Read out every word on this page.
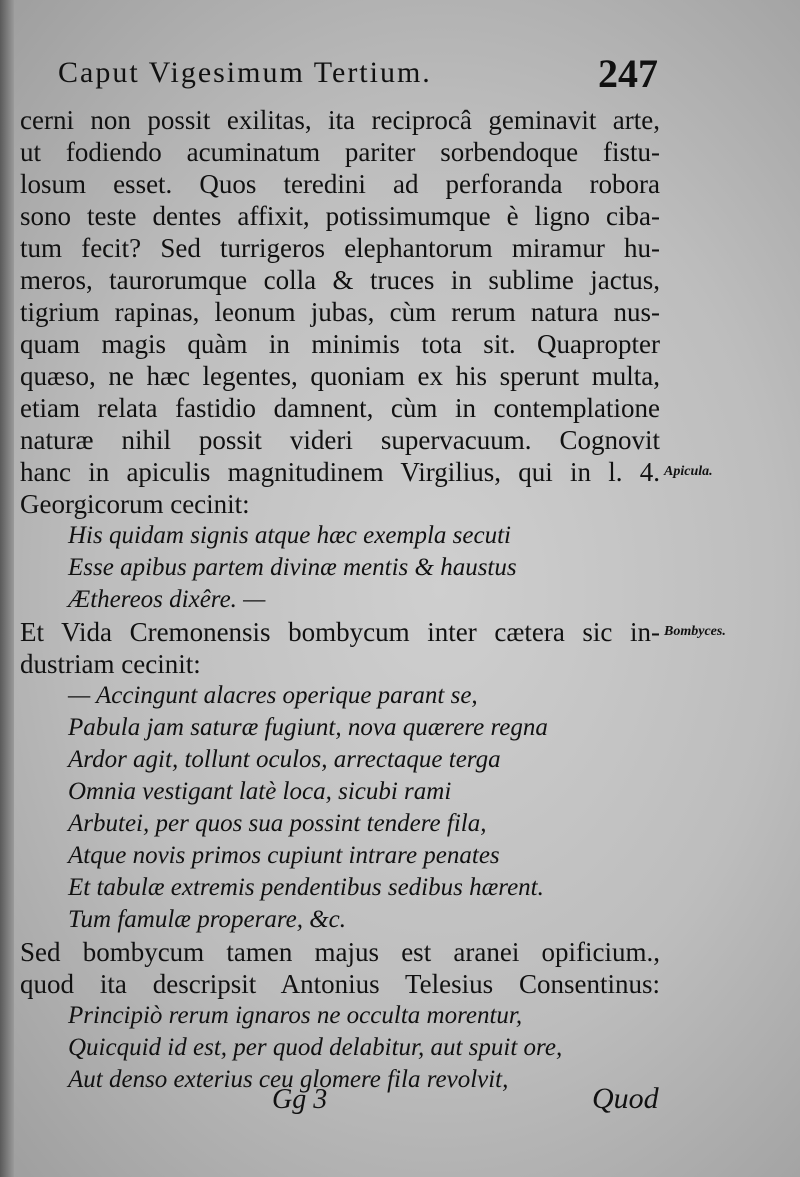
Caput Vigesimum Tertium.	247
cerni non possit exilitas, ita reciprocâ geminavit arte,
ut fodiendo acuminatum pariter sorbendoque fistu-
losum esset. Quos teredini ad perforanda robora
sono teste dentes affixit, potissimumque è ligno ciba-
tum fecit? Sed turrigeros elephantorum miramur hu-
meros, taurorumque colla & truces in sublime jactus,
tigrium rapinas, leonum jubas, cùm rerum natura nus-
quam magis quàm in minimis tota sit. Quapropter
quæso, ne hæc legentes, quoniam ex his sperunt multa,
etiam relata fastidio damnent, cùm in contemplatione
naturæ nihil possit videri supervacuum. Cognovit
hanc in apiculis magnitudinem Virgilius, qui in l. 4.
Georgicorum cecinit:
His quidam signis atque hæc exempla secuti
Esse apibus partem divinæ mentis & haustus
Æthereos dixêre. —
Et Vida Cremonensis bombycum inter cætera sic in-
dustriam cecinit:
— Accingunt alacres operique parant se,
Pabula jam saturæ fugiunt, nova quærere regna
Ardor agit, tollunt oculos, arrectaque terga
Omnia vestigant latè loca, sicubi rami
Arbutei, per quos sua possint tendere fila,
Atque novis primos cupiunt intrare penates
Et tabulæ extremis pendentibus sedibus hærent.
Tum famulæ properare, &c.
Sed bombycum tamen majus est aranei opificium.,
quod ita descripsit Antonius Telesius Consentinus:
Principiò rerum ignaros ne occulta morentur,
Quicquid id est, per quod delabitur, aut spuit ore,
Aut denso exterius ceu glomere fila revolvit,
Apicula.
Bombyces.
Gg 3	Quod
